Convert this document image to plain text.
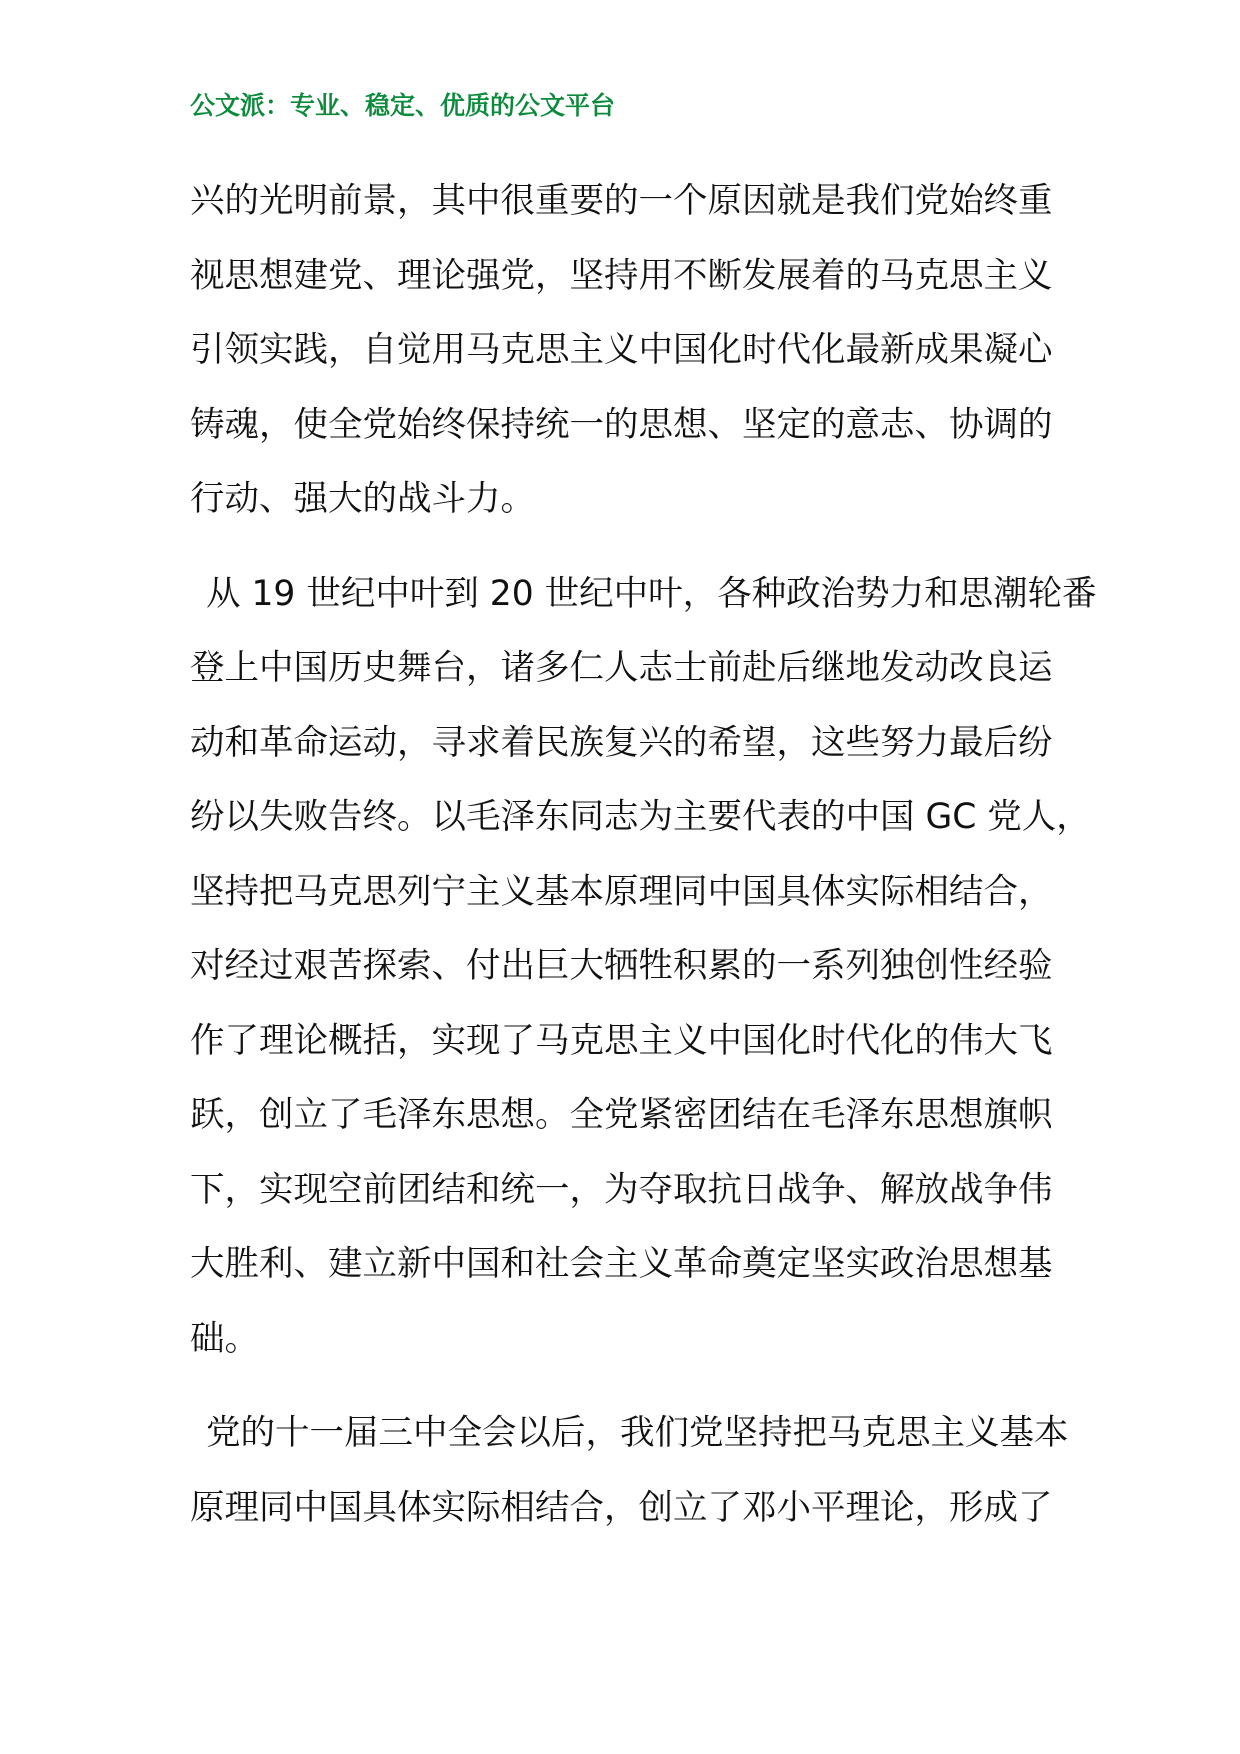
公文派：专业、稳定、优质的公文平台
兴的光明前景，其中很重要的一个原因就是我们党始终重
视思想建党、理论强党，坚持用不断发展着的马克思主义
引领实践，自觉用马克思主义中国化时代化最新成果凝心
铸魂，使全党始终保持统一的思想、坚定的意志、协调的
行动、强大的战斗力。
从 19 世纪中叶到 20 世纪中叶，各种政治势力和思潮轮番
登上中国历史舞台，诸多仁人志士前赴后继地发动改良运
动和革命运动，寻求着民族复兴的希望，这些努力最后纷
纷以失败告终。以毛泽东同志为主要代表的中国 GC 党人，
坚持把马克思列宁主义基本原理同中国具体实际相结合，
对经过艰苦探索、付出巨大牺牲积累的一系列独创性经验
作了理论概括，实现了马克思主义中国化时代化的伟大飞
跃，创立了毛泽东思想。全党紧密团结在毛泽东思想旗帜
下，实现空前团结和统一，为夺取抗日战争、解放战争伟
大胜利、建立新中国和社会主义革命奠定坚实政治思想基
础。
党的十一届三中全会以后，我们党坚持把马克思主义基本
原理同中国具体实际相结合，创立了邓小平理论，形成了
